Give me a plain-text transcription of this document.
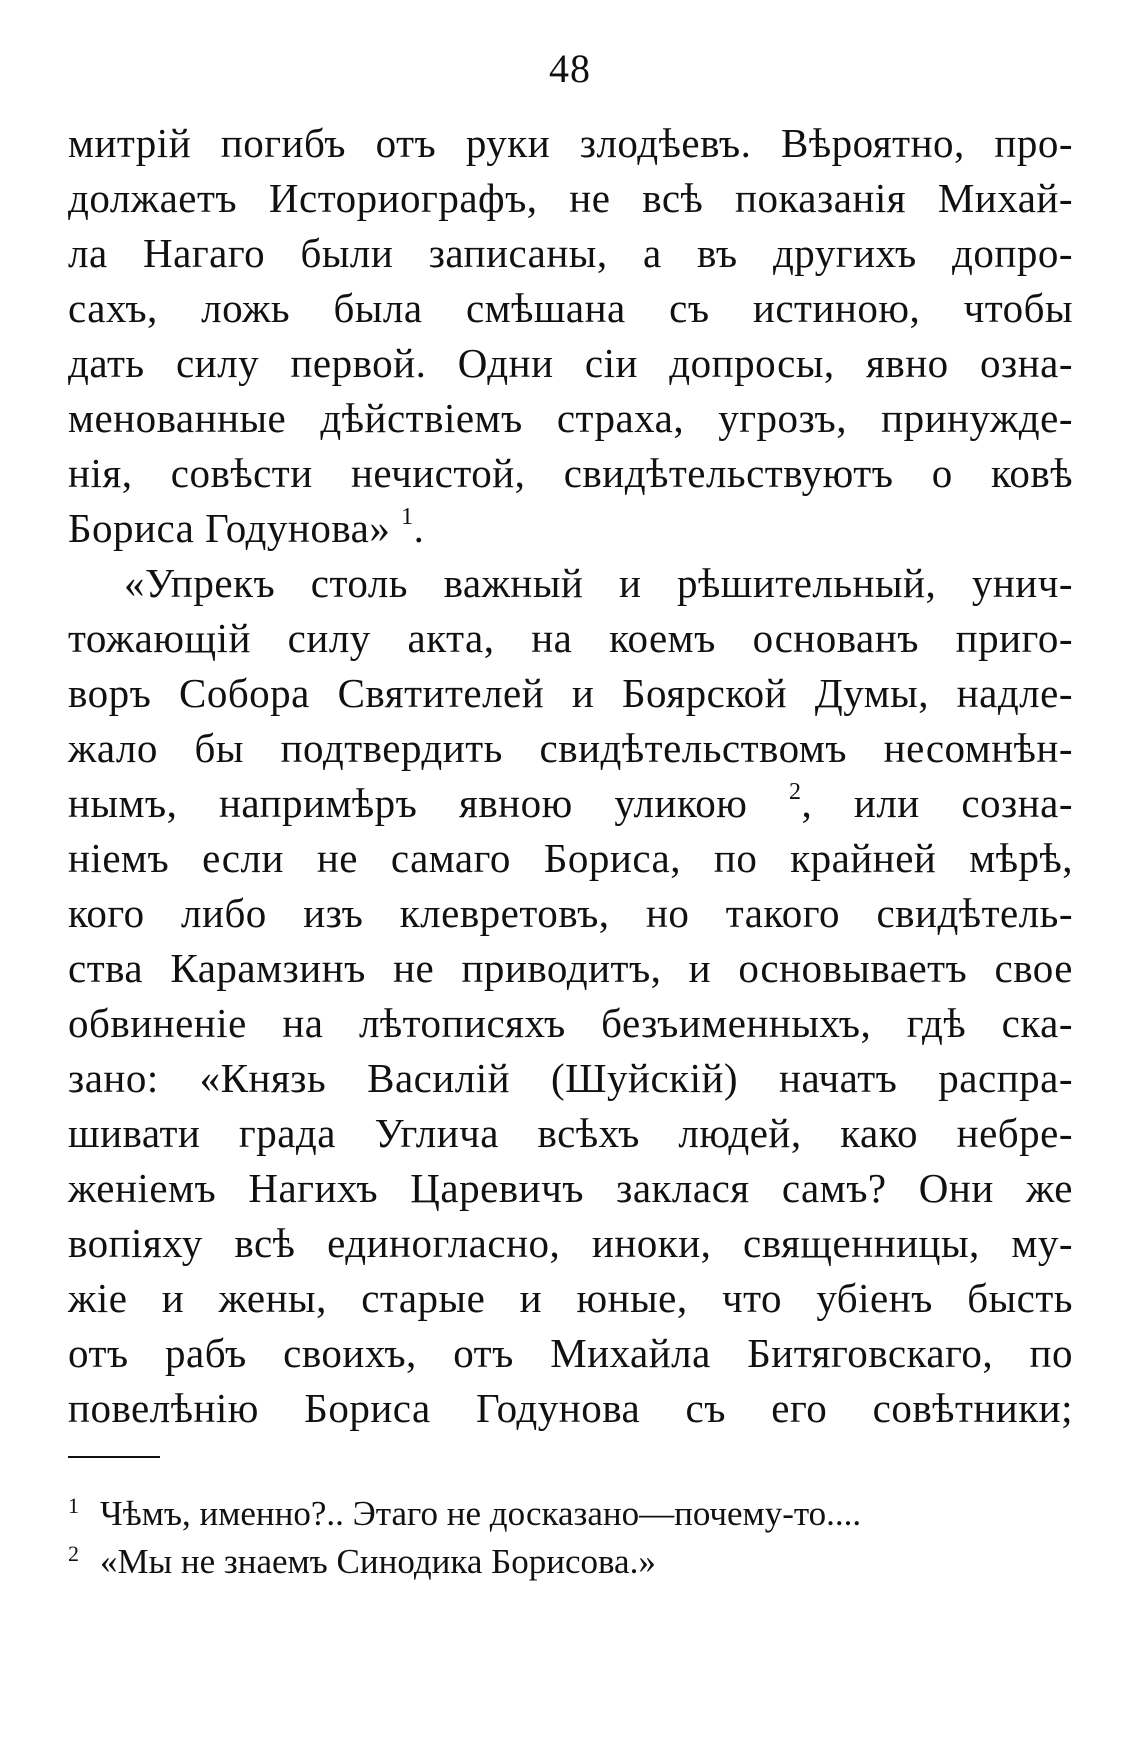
48
митрiй погибъ отъ руки злодѣевъ. Вѣроятно, про-
должаетъ Историографъ, не всѣ показанiя Михай-
ла Нагаго были записаны, а въ другихъ допро-
сахъ, ложь была смѣшана съ истиною, чтобы
дать силу первой. Одни сiи допросы, явно озна-
менованные дѣйствiемъ страха, угрозъ, принужде-
нiя, совѣсти нечистой, свидѣтельствуютъ о ковѣ
Бориса Годунова» $^1$.
«Упрекъ столь важный и рѣшительный, унич-
тожающiй силу акта, на коемъ основанъ приго-
воръ Собора Святителей и Боярской Думы, надле-
жало бы подтвердить свидѣтельствомъ несомнѣн-
нымъ, напримѣръ явною уликою $^2$, или созна-
нiемъ если не самаго Бориса, по крайней мѣрѣ,
кого либо изъ клевретовъ, но такого свидѣтель-
ства Карамзинъ не приводитъ, и основываетъ свое
обвиненiе на лѣтописяхъ безъименныхъ, гдѣ ска-
зано: «Князь Василiй (Шуйскiй) начатъ распра-
шивати града Углича всѣхъ людей, како небре-
женiемъ Нагихъ Царевичъ заклася самъ? Они же
вопiяху всѣ единогласно, иноки, священницы, му-
жiе и жены, старые и юные, что убiенъ бысть
отъ рабъ своихъ, отъ Михайла Битяговскаго, по
повелѣнiю Бориса Годунова съ его совѣтники;
1 Чѣмъ, именно?.. Этаго не досказано—почему-то....
2 «Мы не знаемъ Синодика Борисова.»
